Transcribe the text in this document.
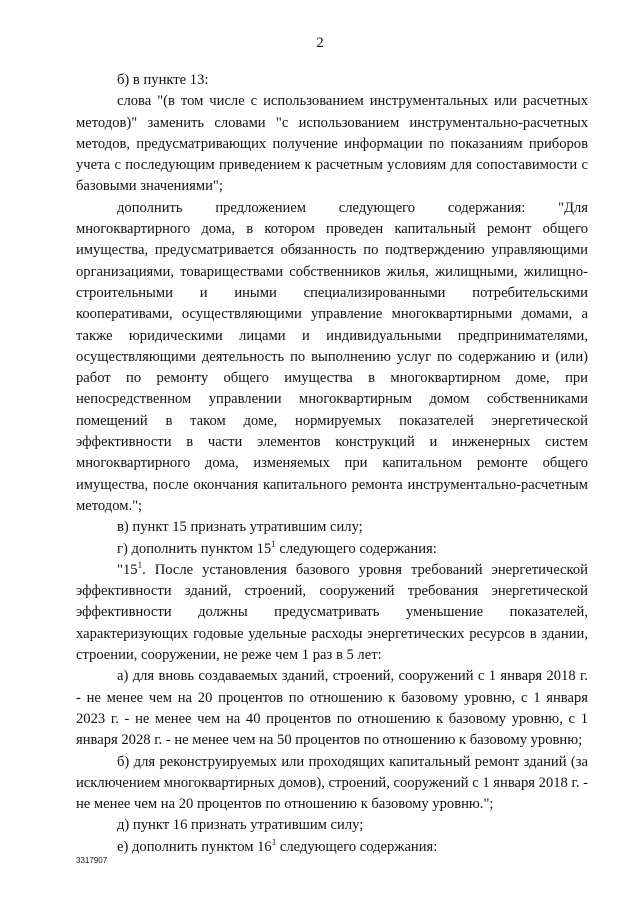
2

б) в пункте 13:

слова "(в том числе с использованием инструментальных или расчетных методов)" заменить словами "с использованием инструментально-расчетных методов, предусматривающих получение информации по показаниям приборов учета с последующим приведением к расчетным условиям для сопоставимости с базовыми значениями";

дополнить предложением следующего содержания: "Для многоквартирного дома, в котором проведен капитальный ремонт общего имущества, предусматривается обязанность по подтверждению управляющими организациями, товариществами собственников жилья, жилищными, жилищно-строительными и иными специализированными потребительскими кооперативами, осуществляющими управление многоквартирными домами, а также юридическими лицами и индивидуальными предпринимателями, осуществляющими деятельность по выполнению услуг по содержанию и (или) работ по ремонту общего имущества в многоквартирном доме, при непосредственном управлении многоквартирным домом собственниками помещений в таком доме, нормируемых показателей энергетической эффективности в части элементов конструкций и инженерных систем многоквартирного дома, изменяемых при капитальном ремонте общего имущества, после окончания капитального ремонта инструментально-расчетным методом.";

в) пункт 15 признать утратившим силу;

г) дополнить пунктом $15^1$ следующего содержания:

"$15^1$. После установления базового уровня требований энергетической эффективности зданий, строений, сооружений требования энергетической эффективности должны предусматривать уменьшение показателей, характеризующих годовые удельные расходы энергетических ресурсов в здании, строении, сооружении, не реже чем 1 раз в 5 лет:

а) для вновь создаваемых зданий, строений, сооружений с 1 января 2018 г. - не менее чем на 20 процентов по отношению к базовому уровню, с 1 января 2023 г. - не менее чем на 40 процентов по отношению к базовому уровню, с 1 января 2028 г. - не менее чем на 50 процентов по отношению к базовому уровню;

б) для реконструируемых или проходящих капитальный ремонт зданий (за исключением многоквартирных домов), строений, сооружений с 1 января 2018 г. - не менее чем на 20 процентов по отношению к базовому уровню.";

д) пункт 16 признать утратившим силу;

е) дополнить пунктом $16^1$ следующего содержания:

3317907
